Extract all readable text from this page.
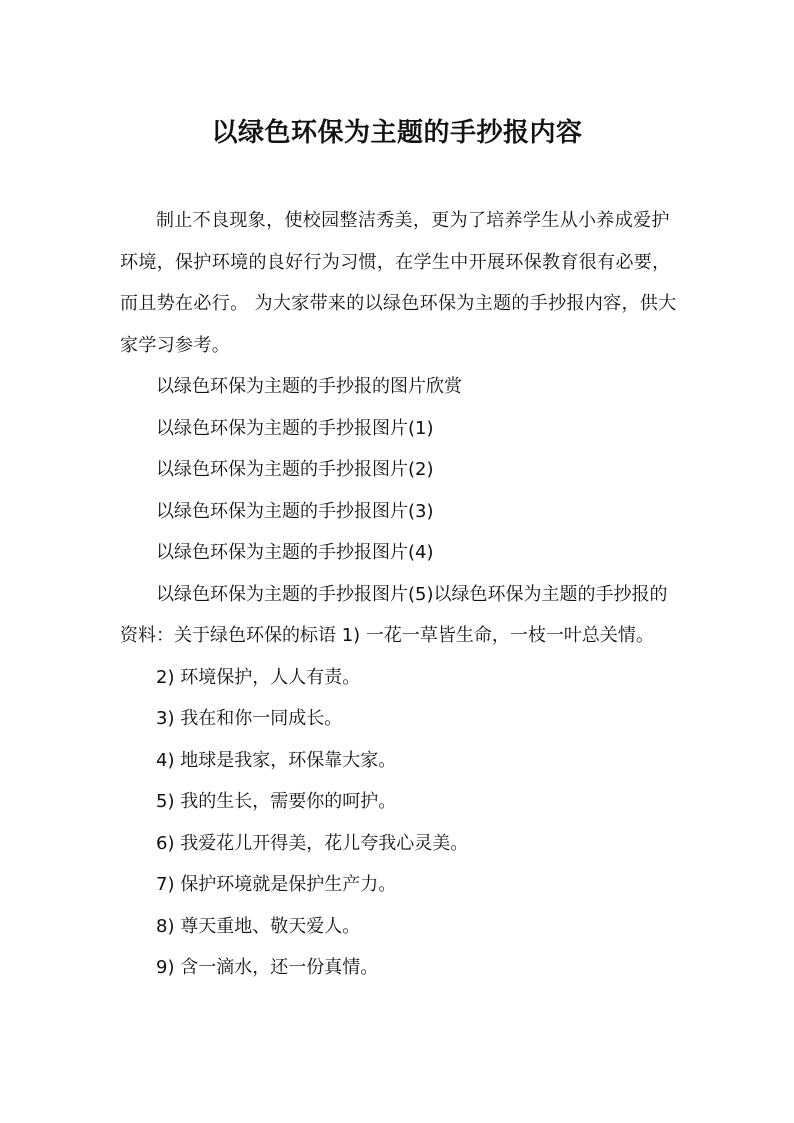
以绿色环保为主题的手抄报内容

制止不良现象，使校园整洁秀美，更为了培养学生从小养成爱护环境，保护环境的良好行为习惯，在学生中开展环保教育很有必要，而且势在必行。 为大家带来的以绿色环保为主题的手抄报内容，供大家学习参考。

以绿色环保为主题的手抄报的图片欣赏

以绿色环保为主题的手抄报图片(1)

以绿色环保为主题的手抄报图片(2)

以绿色环保为主题的手抄报图片(3)

以绿色环保为主题的手抄报图片(4)

以绿色环保为主题的手抄报图片(5)以绿色环保为主题的手抄报的资料：关于绿色环保的标语 1) 一花一草皆生命，一枝一叶总关情。

2) 环境保护，人人有责。

3) 我在和你一同成长。

4) 地球是我家，环保靠大家。

5) 我的生长，需要你的呵护。

6) 我爱花儿开得美，花儿夸我心灵美。

7) 保护环境就是保护生产力。

8) 尊天重地、敬天爱人。

9) 含一滴水，还一份真情。
